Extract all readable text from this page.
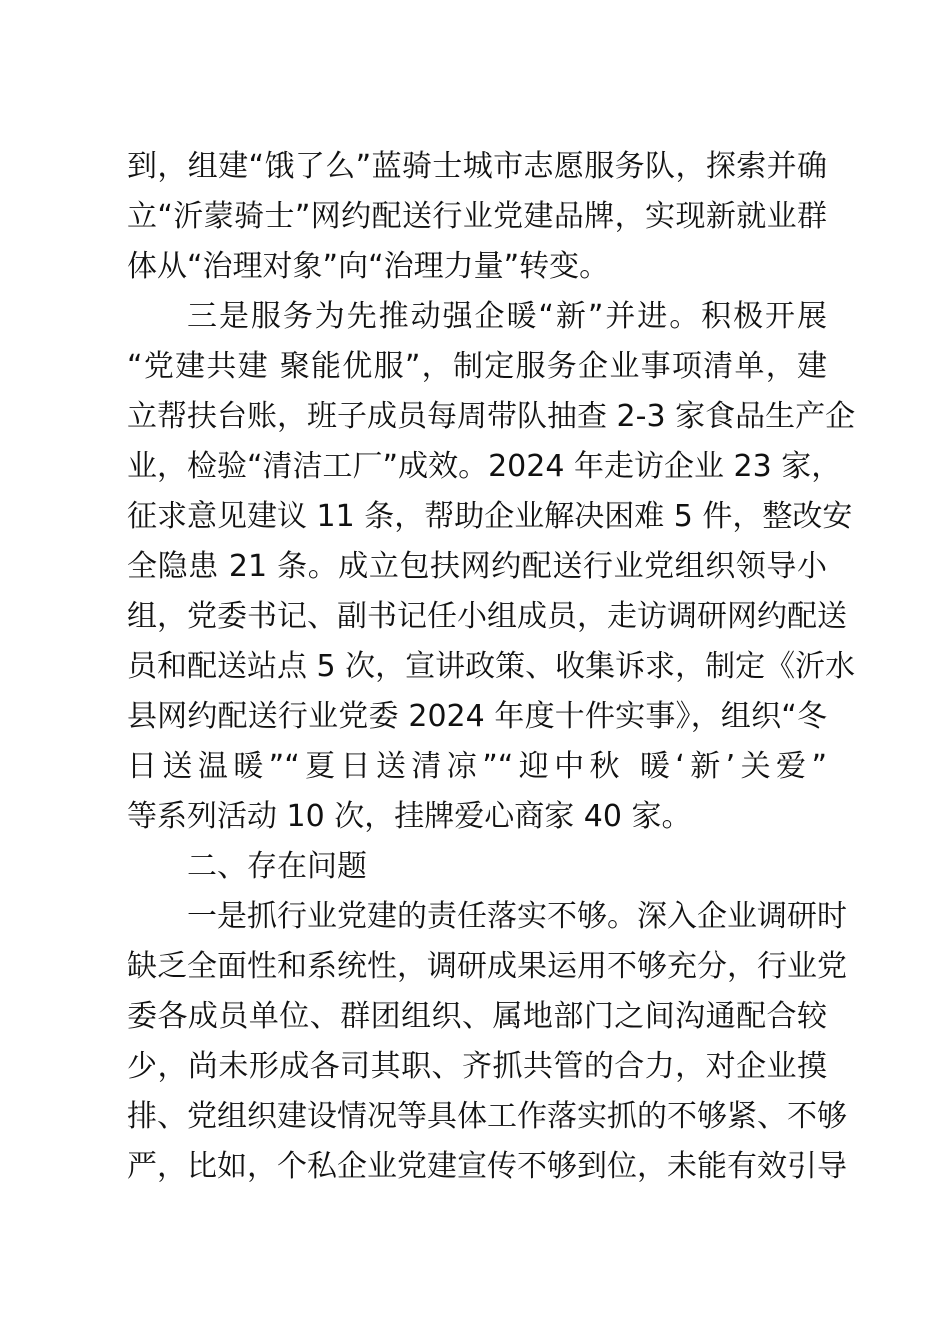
到，组建“饿了么”蓝骑士城市志愿服务队，探索并确
立“沂蒙骑士”网约配送行业党建品牌，实现新就业群
体从“治理对象”向“治理力量”转变。
三是服务为先推动强企暖“新”并进。积极开展
“党建共建 聚能优服”，制定服务企业事项清单，建
立帮扶台账，班子成员每周带队抽查 2-3 家食品生产企
业，检验“清洁工厂”成效。2024 年走访企业 23 家，
征求意见建议 11 条，帮助企业解决困难 5 件，整改安
全隐患 21 条。成立包扶网约配送行业党组织领导小
组，党委书记、副书记任小组成员，走访调研网约配送
员和配送站点 5 次，宣讲政策、收集诉求，制定《沂水
县网约配送行业党委 2024 年度十件实事》，组织“冬
日送温暖”“夏日送清凉”“迎中秋 暖‘新’关爱”
等系列活动 10 次，挂牌爱心商家 40 家。
二、存在问题
一是抓行业党建的责任落实不够。深入企业调研时
缺乏全面性和系统性，调研成果运用不够充分，行业党
委各成员单位、群团组织、属地部门之间沟通配合较
少，尚未形成各司其职、齐抓共管的合力，对企业摸
排、党组织建设情况等具体工作落实抓的不够紧、不够
严，比如，个私企业党建宣传不够到位，未能有效引导
